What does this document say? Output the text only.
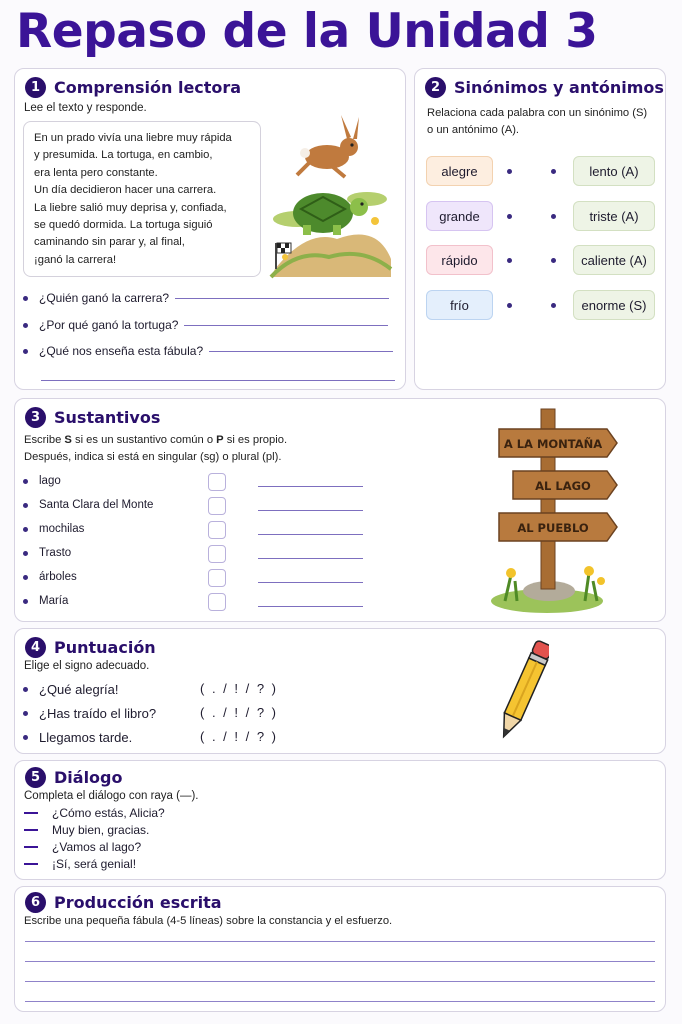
Repaso de la Unidad 3
1 Comprensión lectora
Lee el texto y responde.
En un prado vivía una liebre muy rápida
y presumida. La tortuga, en cambio,
era lenta pero constante.
Un día decidieron hacer una carrera.
La liebre salió muy deprisa y, confiada,
se quedó dormida. La tortuga siguió
caminando sin parar y, al final,
¡ganó la carrera!
¿Quién ganó la carrera?
¿Por qué ganó la tortuga?
¿Qué nos enseña esta fábula?
2 Sinónimos y antónimos
Relaciona cada palabra con un sinónimo (S)
o un antónimo (A).
alegre
grande
rápido
frío
lento (A)
triste (A)
caliente (A)
enorme (S)
3 Sustantivos
Escribe S si es un sustantivo común o P si es propio.
Después, indica si está en singular (sg) o plural (pl).
lago
Santa Clara del Monte
mochilas
Trasto
árboles
María
A LA MONTAÑA
AL LAGO
AL PUEBLO
4 Puntuación
Elige el signo adecuado.
¿Qué alegría!
¿Has traído el libro?
Llegamos tarde.
( . / ! / ? )
( . / ! / ? )
( . / ! / ? )
5 Diálogo
Completa el diálogo con raya (—).
¿Cómo estás, Alicia?
Muy bien, gracias.
¿Vamos al lago?
¡Sí, será genial!
6 Producción escrita
Escribe una pequeña fábula (4-5 líneas) sobre la constancia y el esfuerzo.
